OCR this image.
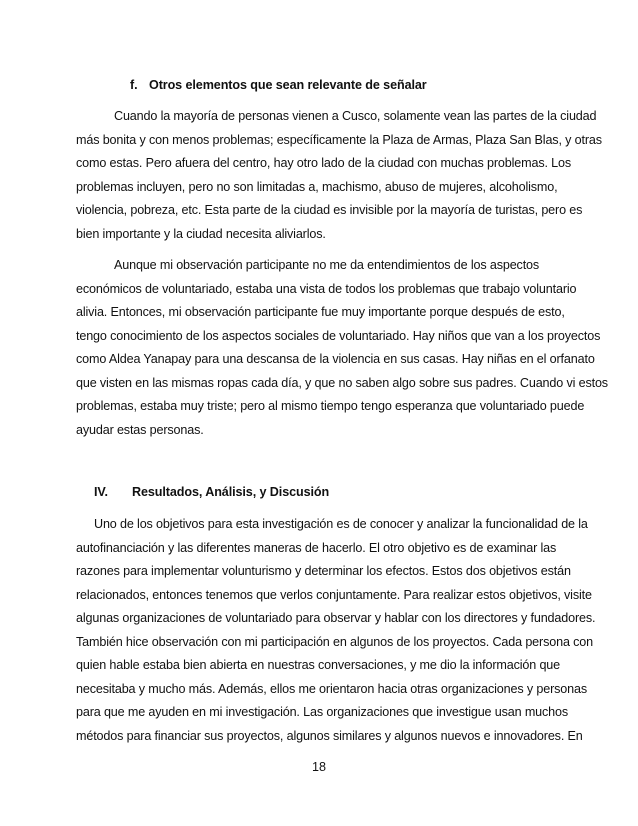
f. Otros elementos que sean relevante de señalar
Cuando la mayoría de personas vienen a Cusco, solamente vean las partes de la ciudad
más bonita y con menos problemas; específicamente la Plaza de Armas, Plaza San Blas, y otras
como estas. Pero afuera del centro, hay otro lado de la ciudad con muchas problemas. Los
problemas incluyen, pero no son limitadas a, machismo, abuso de mujeres, alcoholismo,
violencia, pobreza, etc. Esta parte de la ciudad es invisible por la mayoría de turistas, pero es
bien importante y la ciudad necesita aliviarlos.
Aunque mi observación participante no me da entendimientos de los aspectos
económicos de voluntariado, estaba una vista de todos los problemas que trabajo voluntario
alivia. Entonces, mi observación participante fue muy importante porque después de esto,
tengo conocimiento de los aspectos sociales de voluntariado. Hay niños que van a los proyectos
como Aldea Yanapay para una descansa de la violencia en sus casas. Hay niñas en el orfanato
que visten en las mismas ropas cada día, y que no saben algo sobre sus padres. Cuando vi estos
problemas, estaba muy triste; pero al mismo tiempo tengo esperanza que voluntariado puede
ayudar estas personas.
IV. Resultados, Análisis, y Discusión
Uno de los objetivos para esta investigación es de conocer y analizar la funcionalidad de la
autofinanciación y las diferentes maneras de hacerlo. El otro objetivo es de examinar las
razones para implementar volunturismo y determinar los efectos. Estos dos objetivos están
relacionados, entonces tenemos que verlos conjuntamente. Para realizar estos objetivos, visite
algunas organizaciones de voluntariado para observar y hablar con los directores y fundadores.
También hice observación con mi participación en algunos de los proyectos. Cada persona con
quien hable estaba bien abierta en nuestras conversaciones, y me dio la información que
necesitaba y mucho más. Además, ellos me orientaron hacia otras organizaciones y personas
para que me ayuden en mi investigación. Las organizaciones que investigue usan muchos
métodos para financiar sus proyectos, algunos similares y algunos nuevos e innovadores. En
18
